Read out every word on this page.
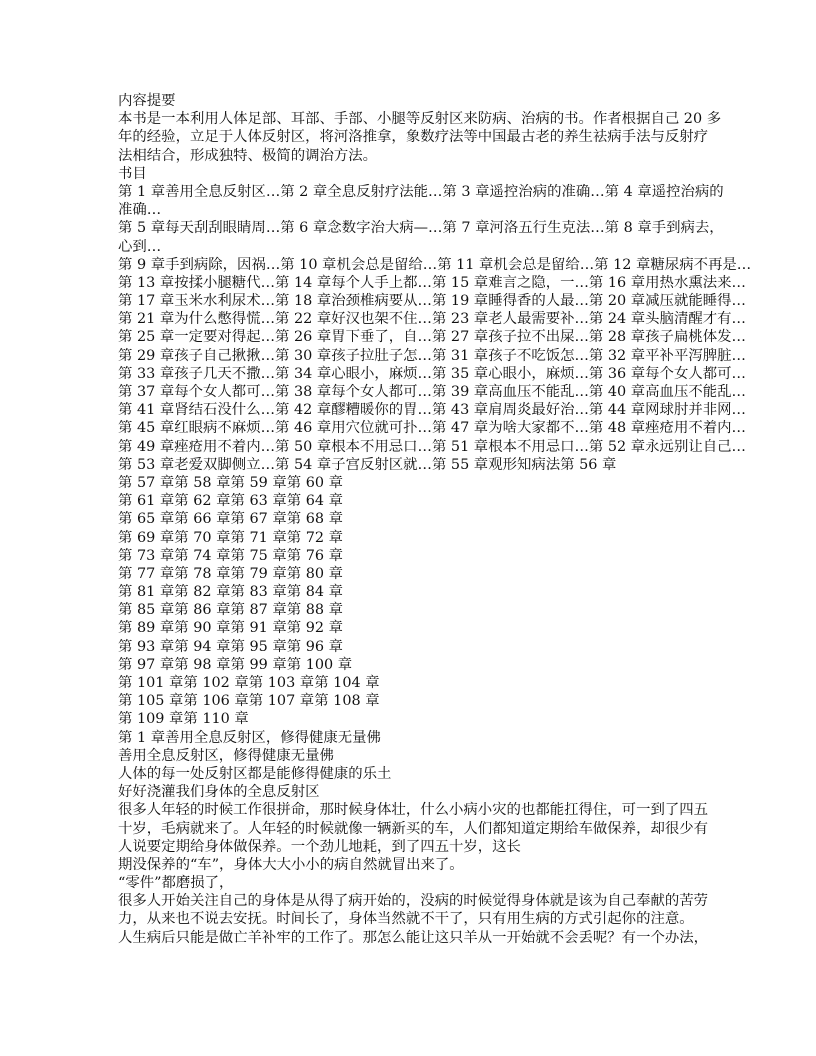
内容提要
本书是一本利用人体足部、耳部、手部、小腿等反射区来防病、治病的书。作者根据自己 20 多
年的经验，立足于人体反射区，将河洛推拿，象数疗法等中国最古老的养生祛病手法与反射疗
法相结合，形成独特、极简的调治方法。
书目
第 1 章善用全息反射区…第 2 章全息反射疗法能…第 3 章遥控治病的准确…第 4 章遥控治病的
准确…
第 5 章每天刮刮眼睛周…第 6 章念数字治大病—…第 7 章河洛五行生克法…第 8 章手到病去，
心到…
第 9 章手到病除，因祸…第 10 章机会总是留给…第 11 章机会总是留给…第 12 章糖尿病不再是…
第 13 章按揉小腿糖代…第 14 章每个人手上都…第 15 章难言之隐，一…第 16 章用热水熏法来…
第 17 章玉米水利尿术…第 18 章治颈椎病要从…第 19 章睡得香的人最…第 20 章减压就能睡得…
第 21 章为什么憋得慌…第 22 章好汉也架不住…第 23 章老人最需要补…第 24 章头脑清醒才有…
第 25 章一定要对得起…第 26 章胃下垂了，自…第 27 章孩子拉不出屎…第 28 章孩子扁桃体发…
第 29 章孩子自己揪揪…第 30 章孩子拉肚子怎…第 31 章孩子不吃饭怎…第 32 章平补平泻脾脏…
第 33 章孩子几天不撒…第 34 章心眼小，麻烦…第 35 章心眼小，麻烦…第 36 章每个女人都可…
第 37 章每个女人都可…第 38 章每个女人都可…第 39 章高血压不能乱…第 40 章高血压不能乱…
第 41 章肾结石没什么…第 42 章醪糟暖你的胃…第 43 章肩周炎最好治…第 44 章网球肘并非网…
第 45 章红眼病不麻烦…第 46 章用穴位就可扑…第 47 章为啥大家都不…第 48 章痤疮用不着内…
第 49 章痤疮用不着内…第 50 章根本不用忌口…第 51 章根本不用忌口…第 52 章永远别让自己…
第 53 章老爱双脚侧立…第 54 章子宫反射区就…第 55 章观形知病法第 56 章
第 57 章第 58 章第 59 章第 60 章
第 61 章第 62 章第 63 章第 64 章
第 65 章第 66 章第 67 章第 68 章
第 69 章第 70 章第 71 章第 72 章
第 73 章第 74 章第 75 章第 76 章
第 77 章第 78 章第 79 章第 80 章
第 81 章第 82 章第 83 章第 84 章
第 85 章第 86 章第 87 章第 88 章
第 89 章第 90 章第 91 章第 92 章
第 93 章第 94 章第 95 章第 96 章
第 97 章第 98 章第 99 章第 100 章
第 101 章第 102 章第 103 章第 104 章
第 105 章第 106 章第 107 章第 108 章
第 109 章第 110 章
第 1 章善用全息反射区，修得健康无量佛
善用全息反射区，修得健康无量佛
人体的每一处反射区都是能修得健康的乐土
好好浇灌我们身体的全息反射区
很多人年轻的时候工作很拼命，那时候身体壮，什么小病小灾的也都能扛得住，可一到了四五
十岁，毛病就来了。人年轻的时候就像一辆新买的车，人们都知道定期给车做保养，却很少有
人说要定期给身体做保养。一个劲儿地耗，到了四五十岁，这长
期没保养的“车”，身体大大小小的病自然就冒出来了。
“零件”都磨损了，
很多人开始关注自己的身体是从得了病开始的，没病的时候觉得身体就是该为自己奉献的苦劳
力，从来也不说去安抚。时间长了，身体当然就不干了，只有用生病的方式引起你的注意。
人生病后只能是做亡羊补牢的工作了。那怎么能让这只羊从一开始就不会丢呢？有一个办法，
